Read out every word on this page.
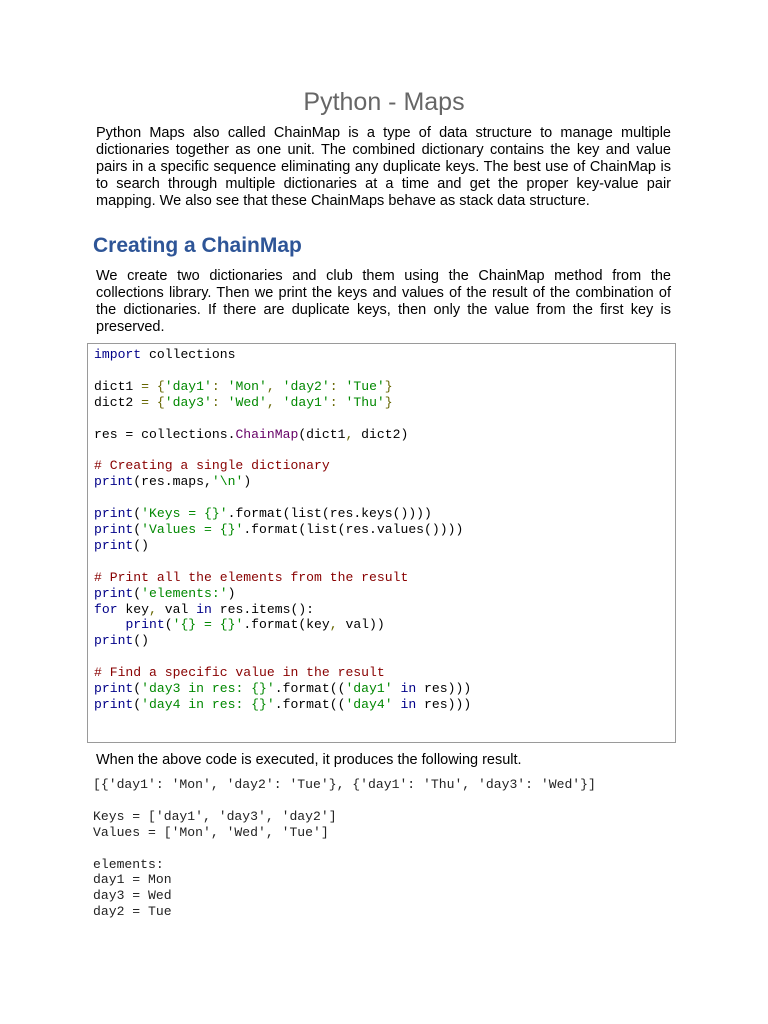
Python - Maps

Python Maps also called ChainMap is a type of data structure to manage multiple dictionaries together as one unit. The combined dictionary contains the key and value pairs in a specific sequence eliminating any duplicate keys. The best use of ChainMap is to search through multiple dictionaries at a time and get the proper key-value pair mapping. We also see that these ChainMaps behave as stack data structure.

Creating a ChainMap

We create two dictionaries and club them using the ChainMap method from the collections library. Then we print the keys and values of the result of the combination of the dictionaries. If there are duplicate keys, then only the value from the first key is preserved.

import collections

dict1 = {'day1': 'Mon', 'day2': 'Tue'}
dict2 = {'day3': 'Wed', 'day1': 'Thu'}

res = collections.ChainMap(dict1, dict2)

# Creating a single dictionary
print(res.maps,'\n')

print('Keys = {}'.format(list(res.keys())))
print('Values = {}'.format(list(res.values())))
print()

# Print all the elements from the result
print('elements:')
for key, val in res.items():
print('{} = {}'.format(key, val))
print()

# Find a specific value in the result
print('day3 in res: {}'.format(('day1' in res)))
print('day4 in res: {}'.format(('day4' in res)))

When the above code is executed, it produces the following result.

[{'day1': 'Mon', 'day2': 'Tue'}, {'day1': 'Thu', 'day3': 'Wed'}]

Keys = ['day1', 'day3', 'day2']
Values = ['Mon', 'Wed', 'Tue']

elements:
day1 = Mon
day3 = Wed
day2 = Tue
